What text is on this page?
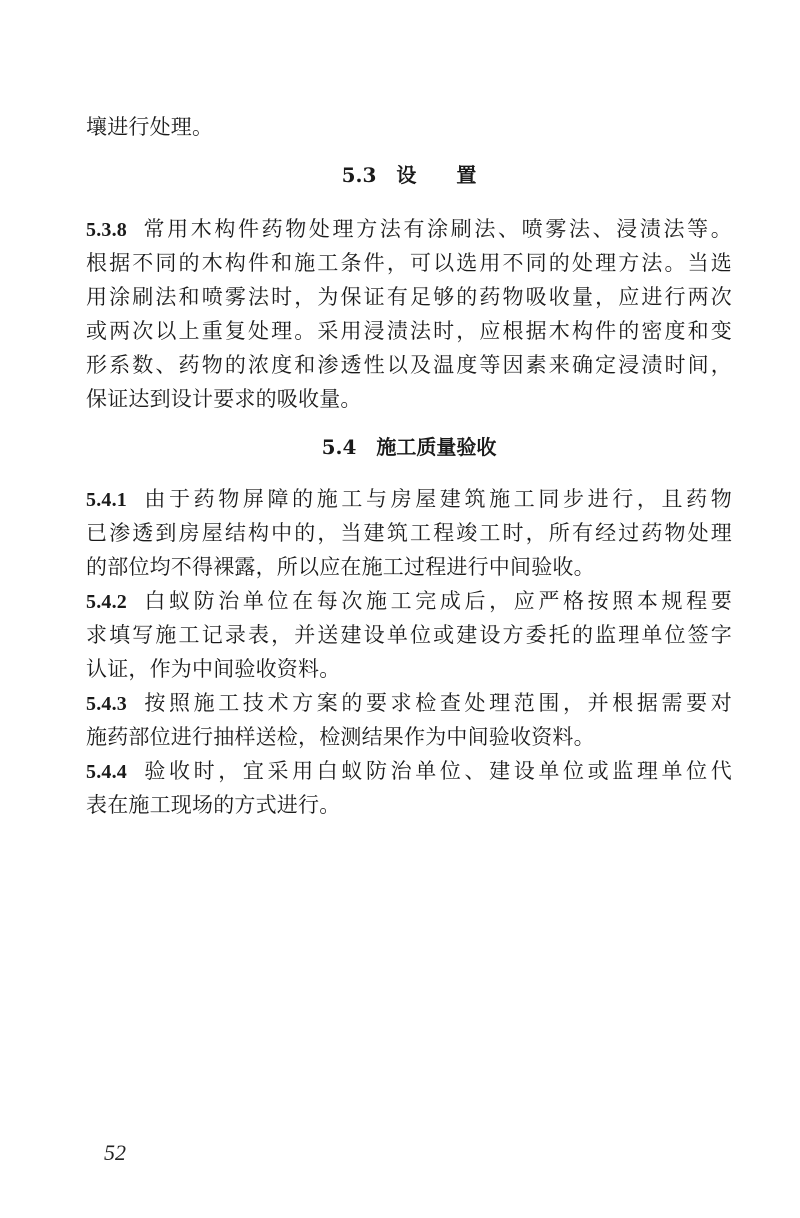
壤进行处理。
5.3　 设　　置
5.3.8 常用木构件药物处理方法有涂刷法、喷雾法、浸渍法等。
根据不同的木构件和施工条件，可以选用不同的处理方法。当选
用涂刷法和喷雾法时，为保证有足够的药物吸收量，应进行两次
或两次以上重复处理。采用浸渍法时，应根据木构件的密度和变
形系数、药物的浓度和渗透性以及温度等因素来确定浸渍时间，
保证达到设计要求的吸收量。
5.4　 施工质量验收
5.4.1 由于药物屏障的施工与房屋建筑施工同步进行，且药物
已渗透到房屋结构中的，当建筑工程竣工时，所有经过药物处理
的部位均不得裸露，所以应在施工过程进行中间验收。
5.4.2 白蚁防治单位在每次施工完成后，应严格按照本规程要
求填写施工记录表，并送建设单位或建设方委托的监理单位签字
认证，作为中间验收资料。
5.4.3 按照施工技术方案的要求检查处理范围，并根据需要对
施药部位进行抽样送检，检测结果作为中间验收资料。
5.4.4 验收时，宜采用白蚁防治单位、建设单位或监理单位代
表在施工现场的方式进行。
52
